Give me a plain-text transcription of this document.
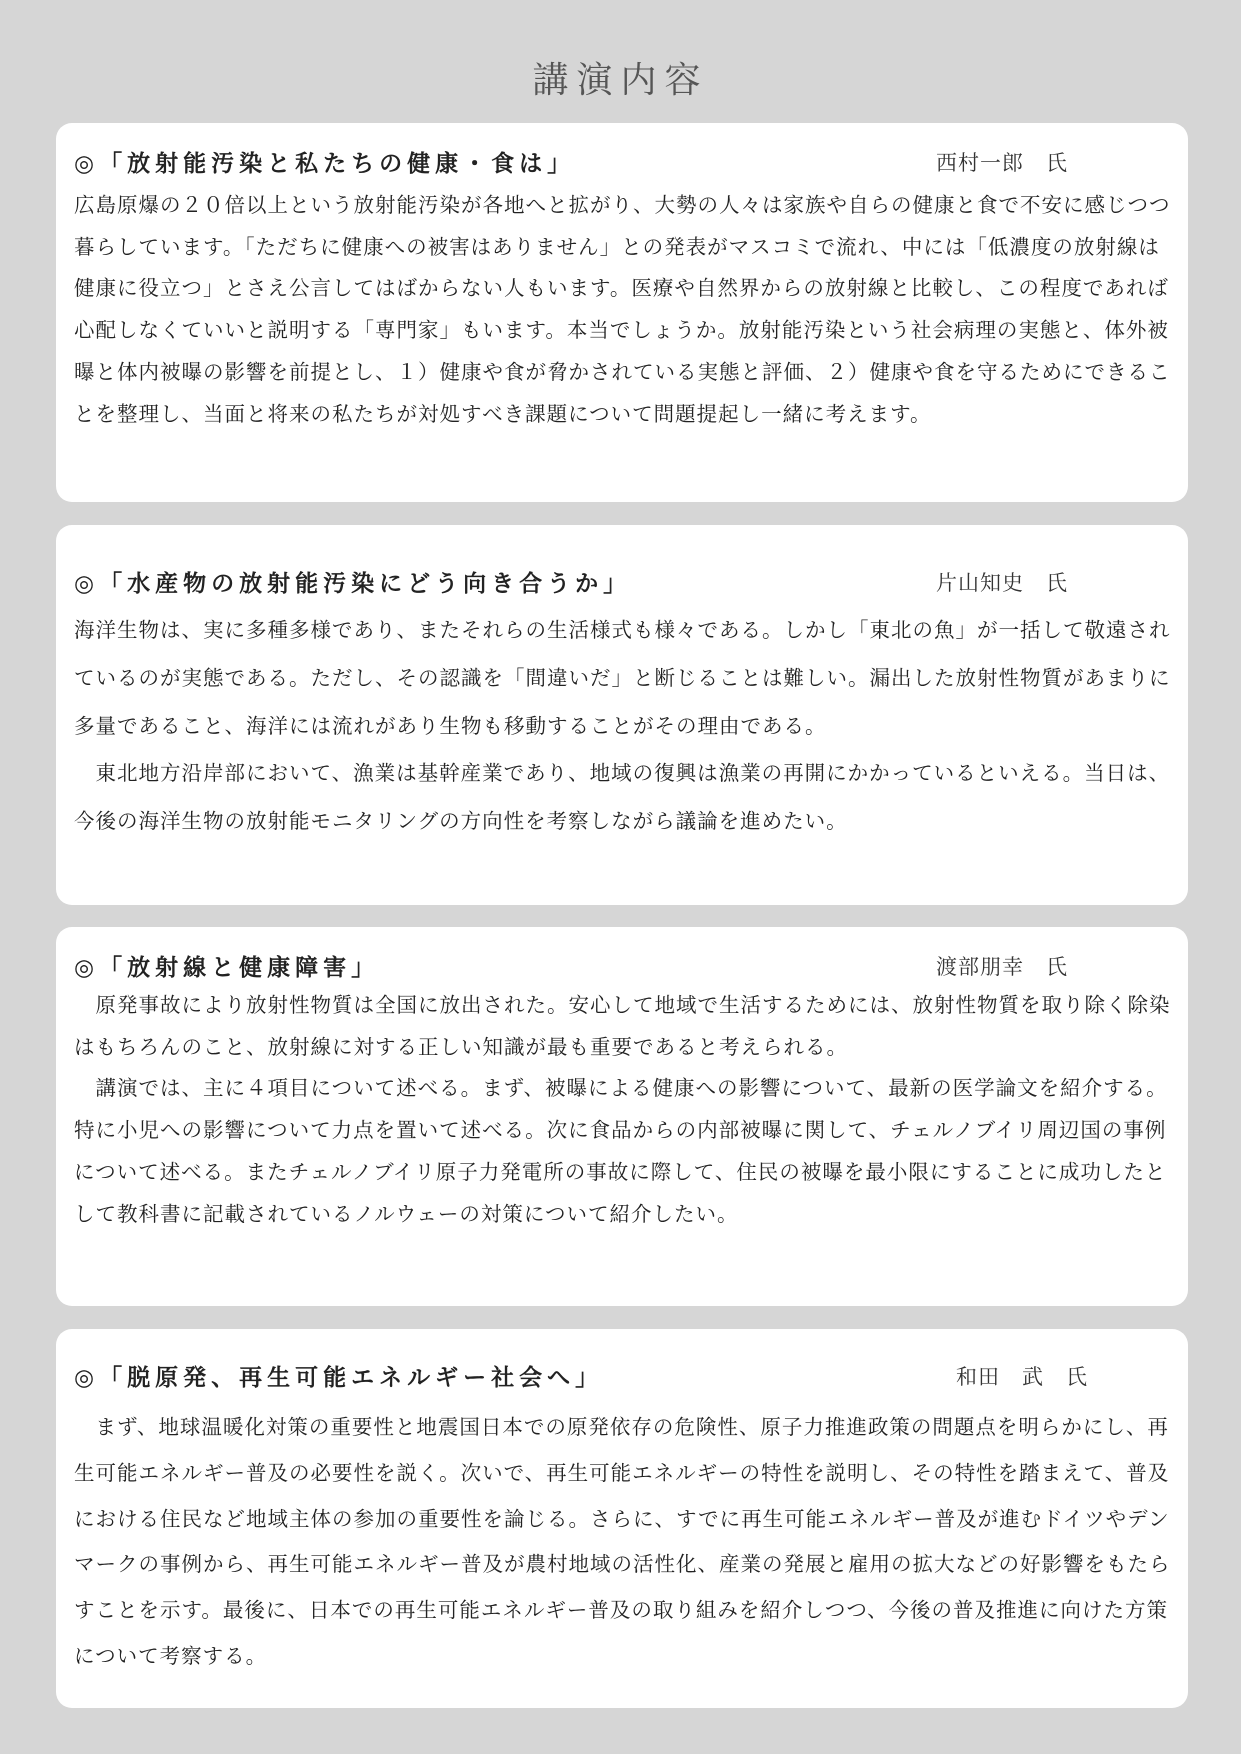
講演内容
◎「放射能汚染と私たちの健康・食は」	西村一郎　氏

広島原爆の２０倍以上という放射能汚染が各地へと拡がり、大勢の人々は家族や自らの健康と食で不安に感じつつ暮らしています。「ただちに健康への被害はありません」との発表がマスコミで流れ、中には「低濃度の放射線は健康に役立つ」とさえ公言してはばからない人もいます。医療や自然界からの放射線と比較し、この程度であれば心配しなくていいと説明する「専門家」もいます。本当でしょうか。放射能汚染という社会病理の実態と、体外被曝と体内被曝の影響を前提とし、１）健康や食が脅かされている実態と評価、２）健康や食を守るためにできることを整理し、当面と将来の私たちが対処すべき課題について問題提起し一緒に考えます。

◎「水産物の放射能汚染にどう向き合うか」	片山知史　氏

海洋生物は、実に多種多様であり、またそれらの生活様式も様々である。しかし「東北の魚」が一括して敬遠されているのが実態である。ただし、その認識を「間違いだ」と断じることは難しい。漏出した放射性物質があまりに多量であること、海洋には流れがあり生物も移動することがその理由である。
　東北地方沿岸部において、漁業は基幹産業であり、地域の復興は漁業の再開にかかっているといえる。当日は、今後の海洋生物の放射能モニタリングの方向性を考察しながら議論を進めたい。

◎「放射線と健康障害」	渡部朋幸　氏

　原発事故により放射性物質は全国に放出された。安心して地域で生活するためには、放射性物質を取り除く除染はもちろんのこと、放射線に対する正しい知識が最も重要であると考えられる。
　講演では、主に４項目について述べる。まず、被曝による健康への影響について、最新の医学論文を紹介する。特に小児への影響について力点を置いて述べる。次に食品からの内部被曝に関して、チェルノブイリ周辺国の事例について述べる。またチェルノブイリ原子力発電所の事故に際して、住民の被曝を最小限にすることに成功したとして教科書に記載されているノルウェーの対策について紹介したい。

◎「脱原発、再生可能エネルギー社会へ」	和田　武　氏

　まず、地球温暖化対策の重要性と地震国日本での原発依存の危険性、原子力推進政策の問題点を明らかにし、再生可能エネルギー普及の必要性を説く。次いで、再生可能エネルギーの特性を説明し、その特性を踏まえて、普及における住民など地域主体の参加の重要性を論じる。さらに、すでに再生可能エネルギー普及が進むドイツやデンマークの事例から、再生可能エネルギー普及が農村地域の活性化、産業の発展と雇用の拡大などの好影響をもたらすことを示す。最後に、日本での再生可能エネルギー普及の取り組みを紹介しつつ、今後の普及推進に向けた方策について考察する。
